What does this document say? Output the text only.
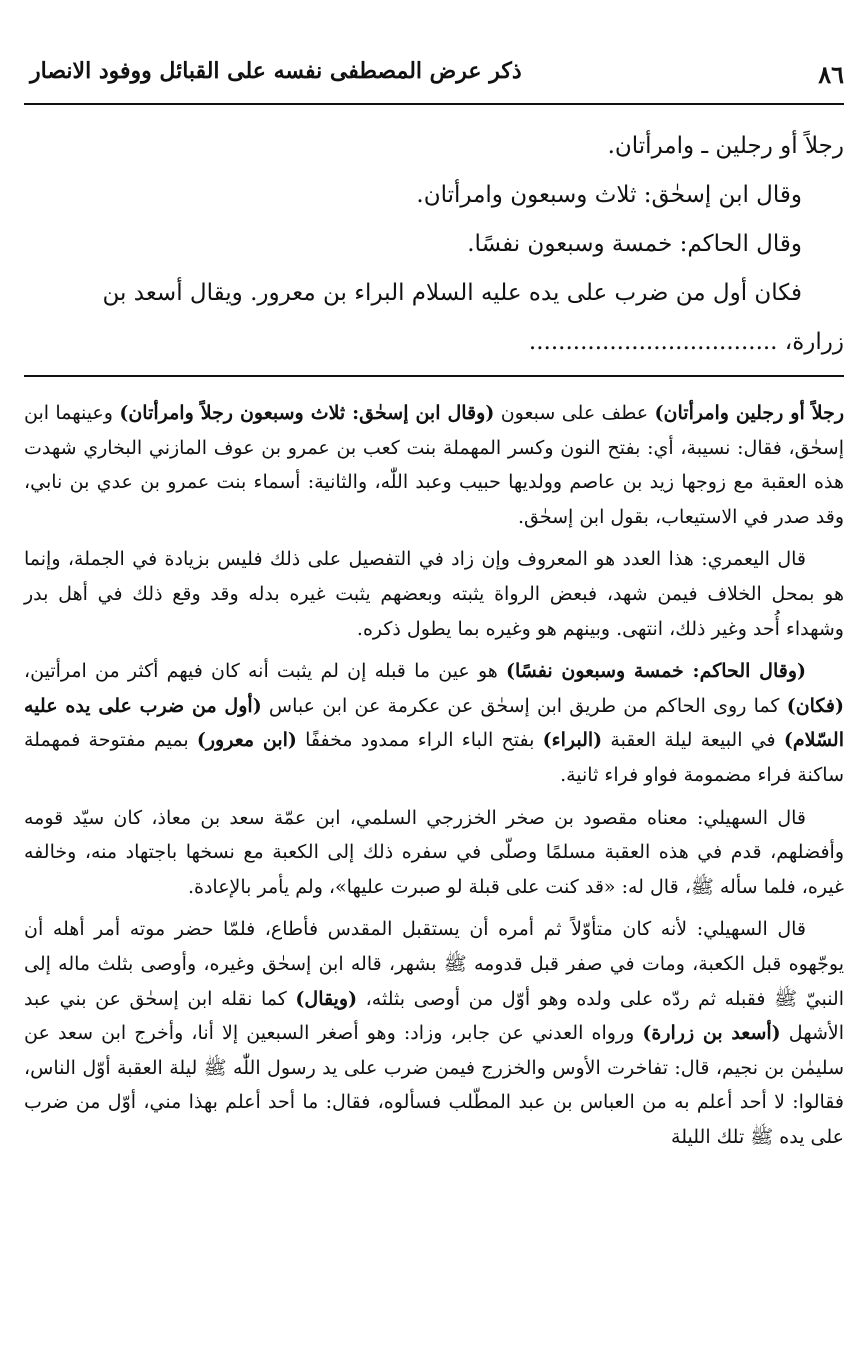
٨٦
ذكر عرض المصطفى نفسه على القبائل ووفود الانصار

رجلاً أو رجلين ـ وامرأتان.

وقال ابن إسحٰق: ثلاث وسبعون وامرأتان.

وقال الحاكم: خمسة وسبعون نفسًا.

فكان أول من ضرب على يده عليه السلام البراء بن معرور. ويقال أسعد بن

زرارة، ..................................

رجلاً أو رجلين وامرأتان) عطف على سبعون (وقال ابن إسحٰق: ثلاث وسبعون رجلاً وامرأتان) وعينهما ابن إسحٰق، فقال: نسيبة، أي: بفتح النون وكسر المهملة بنت كعب بن عمرو بن عوف المازني البخاري شهدت هذه العقبة مع زوجها زيد بن عاصم وولديها حبيب وعبد اللّٰه، والثانية: أسماء بنت عمرو بن عدي بن نابي، وقد صدر في الاستيعاب، بقول ابن إسحٰق.

قال اليعمري: هذا العدد هو المعروف وإن زاد في التفصيل على ذلك فليس بزيادة في الجملة، وإنما هو بمحل الخلاف فيمن شهد، فبعض الرواة يثبته وبعضهم يثبت غيره بدله وقد وقع ذلك في أهل بدر وشهداء أُحد وغير ذلك، انتهى. وبينهم هو وغيره بما يطول ذكره.

(وقال الحاكم: خمسة وسبعون نفسًا) هو عين ما قبله إن لم يثبت أنه كان فيهم أكثر من امرأتين، (فكان) كما روى الحاكم من طريق ابن إسحٰق عن عكرمة عن ابن عباس (أول من ضرب على يده عليه السّلام) في البيعة ليلة العقبة (البراء) بفتح الباء الراء ممدود مخففًا (ابن معرور) بميم مفتوحة فمهملة ساكنة فراء مضمومة فواو فراء ثانية.

قال السهيلي: معناه مقصود بن صخر الخزرجي السلمي، ابن عمّة سعد بن معاذ، كان سيّد قومه وأفضلهم، قدم في هذه العقبة مسلمًا وصلّى في سفره ذلك إلى الكعبة مع نسخها باجتهاد منه، وخالفه غيره، فلما سأله ﷺ، قال له: «قد كنت على قبلة لو صبرت عليها»، ولم يأمر بالإعادة.

قال السهيلي: لأنه كان متأوّلاً ثم أمره أن يستقبل المقدس فأطاع، فلمّا حضر موته أمر أهله أن يوجّهوه قبل الكعبة، ومات في صفر قبل قدومه ﷺ بشهر، قاله ابن إسحٰق وغيره، وأوصى بثلث ماله إلى النبيّ ﷺ فقبله ثم ردّه على ولده وهو أوّل من أوصى بثلثه، (ويقال) كما نقله ابن إسحٰق عن بني عبد الأشهل (أسعد بن زرارة) ورواه العدني عن جابر، وزاد: وهو أصغر السبعين إلا أنا، وأخرج ابن سعد عن سليمٰن بن نجيم، قال: تفاخرت الأوس والخزرج فيمن ضرب على يد رسول اللّٰه ﷺ ليلة العقبة أوّل الناس، فقالوا: لا أحد أعلم به من العباس بن عبد المطّلب فسألوه، فقال: ما أحد أعلم بهذا مني، أوّل من ضرب على يده ﷺ تلك الليلة
